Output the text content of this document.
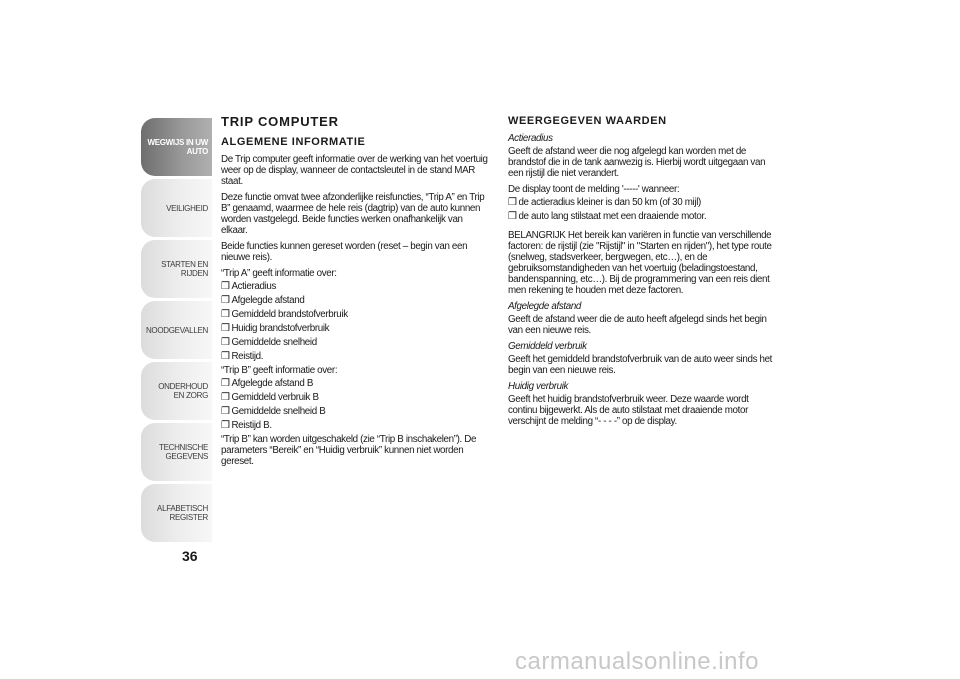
WEGWIJS IN UW AUTO
VEILIGHEID
STARTEN EN RIJDEN
NOODGEVALLEN
ONDERHOUD EN ZORG
TECHNISCHE GEGEVENS
ALFABETISCH REGISTER
36
TRIP COMPUTER
ALGEMENE INFORMATIE

De Trip computer geeft informatie over de werking van het voertuig weer op de display, wanneer de contactsleutel in de stand MAR staat.

Deze functie omvat twee afzonderlijke reisfuncties, “Trip A” en Trip B” genaamd, waarmee de hele reis (dagtrip) van de auto kunnen worden vastgelegd. Beide functies werken onafhankelijk van elkaar.

Beide functies kunnen gereset worden (reset – begin van een nieuwe reis).

“Trip A” geeft informatie over:

❒ Actieradius
❒ Afgelegde afstand
❒ Gemiddeld brandstofverbruik
❒ Huidig brandstofverbruik
❒ Gemiddelde snelheid
❒ Reistijd.

“Trip B” geeft informatie over:

❒ Afgelegde afstand B
❒ Gemiddeld verbruik B
❒ Gemiddelde snelheid B
❒ Reistijd B.

“Trip B” kan worden uitgeschakeld (zie “Trip B inschakelen”). De parameters “Bereik” en “Huidig verbruik” kunnen niet worden gereset.

WEERGEGEVEN WAARDEN

Actieradius

Geeft de afstand weer die nog afgelegd kan worden met de brandstof die in de tank aanwezig is. Hierbij wordt uitgegaan van een rijstijl die niet verandert.

De display toont de melding '-----' wanneer:

❒ de actieradius kleiner is dan 50 km (of 30 mijl)
❒ de auto lang stilstaat met een draaiende motor.

BELANGRIJK Het bereik kan variëren in functie van verschillende factoren: de rijstijl (zie "Rijstijl" in "Starten en rijden"), het type route (snelweg, stadsverkeer, bergwegen, etc…), en de gebruiksomstandigheden van het voertuig (beladingstoestand, bandenspanning, etc…). Bij de programmering van een reis dient men rekening te houden met deze factoren.

Afgelegde afstand

Geeft de afstand weer die de auto heeft afgelegd sinds het begin van een nieuwe reis.

Gemiddeld verbruik

Geeft het gemiddeld brandstofverbruik van de auto weer sinds het begin van een nieuwe reis.

Huidig verbruik

Geeft het huidig brandstofverbruik weer. Deze waarde wordt continu bijgewerkt. Als de auto stilstaat met draaiende motor verschijnt de melding “- - - -” op de display.

carmanualsonline.info
